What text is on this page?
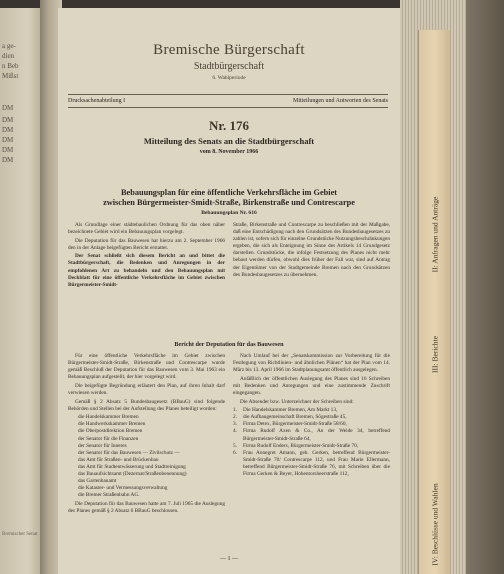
a ge-
dien
n Beb
Mißst
DM
DM
DM
DM
DM
DM
Bremischer Senat
Bremische Bürgerschaft
Stadtbürgerschaft
6. Wahlperiode
Drucksachenabteilung I	Mitteilungen und Antworten des Senats
Nr. 176
Mitteilung des Senats an die Stadtbürgerschaft
vom 8. November 1966
Bebauungsplan für eine öffentliche Verkehrsfläche im Gebiet
zwischen Bürgermeister-Smidt-Straße, Birkenstraße und Contrescarpe
Bebauungsplan Nr. 616

Als Grundlage einer städtebaulichen Ordnung für das oben näher bezeichnete Gebiet wird ein Bebauungsplan vorgelegt.

Die Deputation für das Bauwesen hat hierzu am 2. September 1966 den in der Anlage beigefügten Bericht erstattet.

Der Senat schließt sich diesem Bericht an und bittet die Stadtbürgerschaft, die Bedenken und Anregungen in der empfohlenen Art zu behandeln und den Bebauungsplan mit Deckblatt für eine öffentliche Verkehrsfläche im Gebiet zwischen Bürgermeister-Smidt-

Straße, Birkenstraße und Contrescarpe zu beschließen mit der Maßgabe, daß eine Entschädigung nach den Grundsätzen des Bundesbaugesetzes zu zahlen ist, sofern sich für einzelne Grundstücke Nutzungsbeschränkungen ergeben, die sich als Enteignung im Sinne des Artikels 14 Grundgesetz darstellen. Grundstücke, die infolge Festsetzung des Planes nicht mehr bebaut werden dürfen, obwohl dies früher der Fall war, sind auf Antrag der Eigentümer von der Stadtgemeinde Bremen nach den Grundsätzen des Bundesbaugesetzes zu übernehmen.

Bericht der Deputation für das Bauwesen

Für eine öffentliche Verkehrsfläche im Gebiet zwischen Bürgermeister-Smidt-Straße, Birkenstraße und Contrescarpe wurde gemäß Beschluß der Deputation für das Bauwesen vom 3. Mai 1963 ein Bebauungsplan aufgestellt, der hier vorgelegt wird.

Die beigefügte Begründung erläutert den Plan, auf ihren Inhalt darf verwiesen werden.

Gemäß § 2 Absatz 5 Bundesbaugesetz (BBauG) sind folgende Behörden und Stellen bei der Aufstellung des Planes beteiligt worden:

die Handelskammer Bremen
die Handwerkskammer Bremen
die Oberpostdirektion Bremen
der Senator für die Finanzen
der Senator für Inneres
der Senator für das Bauwesen — Zivilschutz —
das Amt für Straßen- und Brückenbau
das Amt für Stadtentwässerung und Stadtreinigung
das Bauaufsichtsamt (Dezernat/Straßenbenennung)
das Gartenbauamt
die Kataster- und Vermessungsverwaltung
die Bremer Straßenbahn AG.

Die Deputation für das Bauwesen hatte am 7. Juli 1965 die Auslegung des Planes gemäß § 2 Absatz 6 BBauG beschlossen.

Nach Umlauf bei der „Senatskommission zur Vorbereitung für die Festlegung von Richtlinien- und ähnlichen Plänen“ hat der Plan vom 14. März bis 13. April 1966 im Stadtplanungsamt öffentlich ausgelegen.

Anläßlich der öffentlichen Auslegung des Planes sind 16 Schreiben mit Bedenken und Anregungen und eine zustimmende Zuschrift eingegangen.

Die Absender bzw. Unterzeichner der Schreiben sind:

1. Die Handelskammer Bremen, Am Markt 13,
2. die Aufbaugemeinschaft Bremen, Sögestraße 45,
3. Firma Detex, Bürgermeister-Smidt-Straße 58/60,
4. Firma Rudolf Axen & Co., An der Weide 34, betreffend Bürgermeister-Smidt-Straße 64,
5. Firma Rudolf Enders, Bürgermeister-Smidt-Straße 70,
6. Frau Annegret Amann, geb. Gerken, betreffend Bürgermeister-Smidt-Straße 70/ Contrescarpe 112, und Frau Marie Ellermann, betreffend Bürgermeister-Smidt-Straße 76, mit Schreiben über die Firma Gerken & Beyer, Hohentorsheerstraße 112,
— 1 —
II: Anfragen und Anträge
III: Berichte
IV: Beschlüsse und Wahlen
